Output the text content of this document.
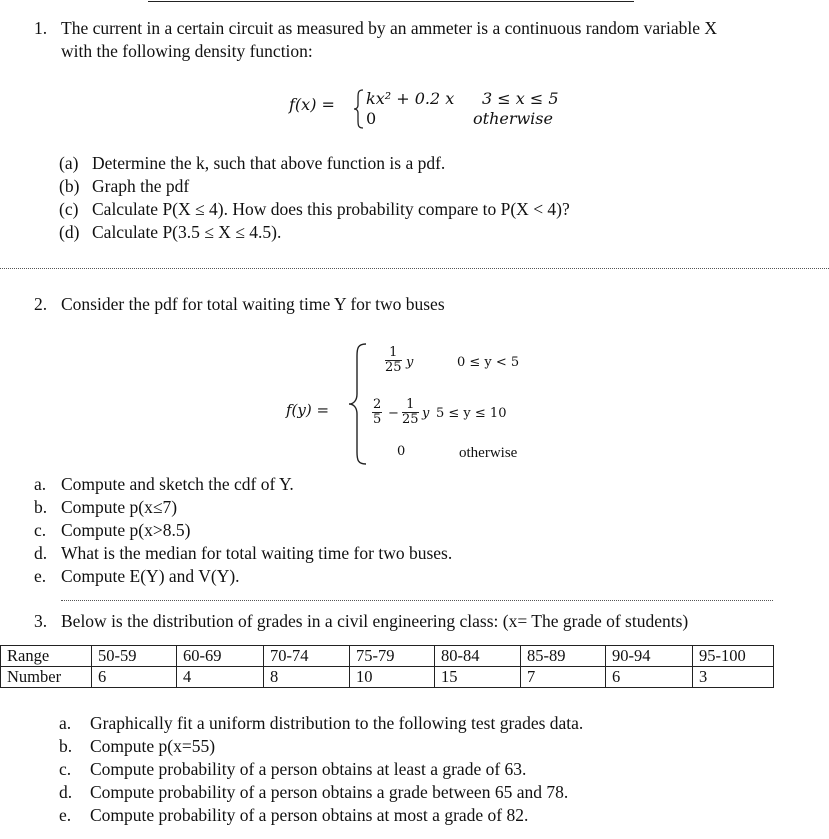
1. The current in a certain circuit as measured by an ammeter is a continuous random variable X
with the following density function:
f(x) = kx² + 0.2 x 3 ≤ x ≤ 5
0	otherwise
(a) Determine the k, such that above function is a pdf.
(b) Graph the pdf
(c) Calculate P(X ≤ 4). How does this probability compare to P(X < 4)?
(d) Calculate P(3.5 ≤ X ≤ 4.5).
2. Consider the pdf for total waiting time Y for two buses
f(y) =
$\frac{1}{25}$ y	0 ≤ y < 5
$\frac{2}{5} - \frac{1}{25}$ y 5 ≤ y ≤ 10
0	otherwise
a. Compute and sketch the cdf of Y.
b. Compute p(x≤7)
c. Compute p(x>8.5)
d. What is the median for total waiting time for two buses.
e. Compute E(Y) and V(Y).
3. Below is the distribution of grades in a civil engineering class: (x= The grade of students)
Range	50-59	60-69	70-74	75-79	80-84	85-89	90-94	95-100
Number	6	4	8	10	15	7	6	3
a. Graphically fit a uniform distribution to the following test grades data.
b. Compute p(x=55)
c. Compute probability of a person obtains at least a grade of 63.
d. Compute probability of a person obtains a grade between 65 and 78.
e. Compute probability of a person obtains at most a grade of 82.
